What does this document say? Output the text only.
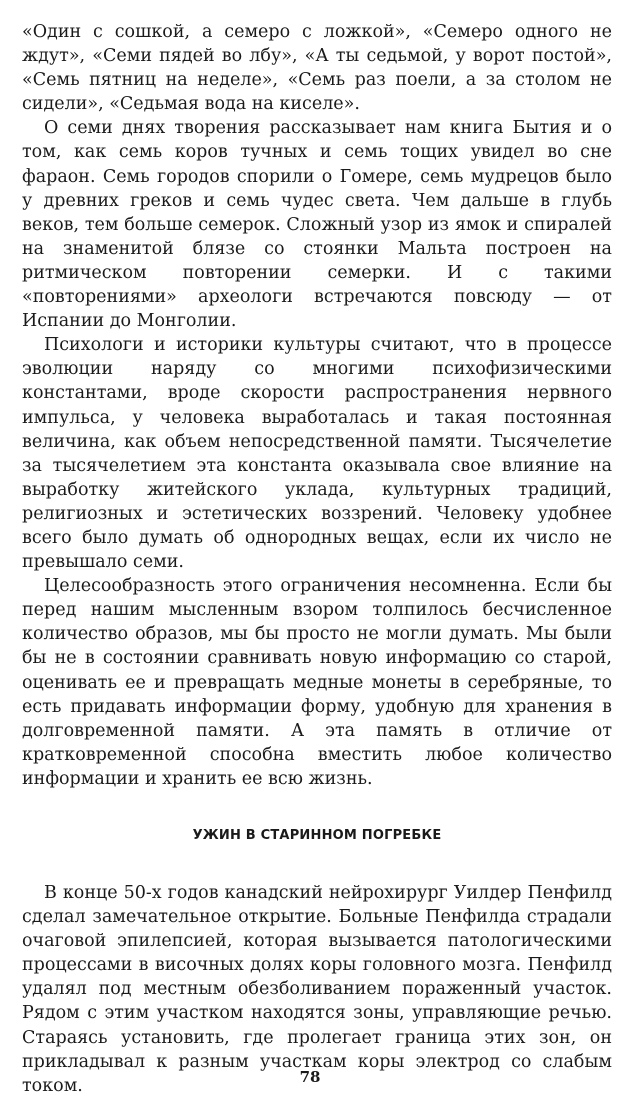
«Один с сошкой, а семеро с ложкой», «Семеро одного не ждут», «Семи пядей во лбу», «А ты седьмой, у ворот постой», «Семь пятниц на неделе», «Семь раз поели, а за столом не сидели», «Седьмая вода на киселе».

О семи днях творения рассказывает нам книга Бытия и о том, как семь коров тучных и семь тощих увидел во сне фараон. Семь городов спорили о Гомере, семь мудрецов было у древних греков и семь чудес света. Чем дальше в глубь веков, тем больше семерок. Сложный узор из ямок и спиралей на знаменитой блязе со стоянки Мальта построен на ритмическом повторении семерки. И с такими «повторениями» археологи встречаются повсюду — от Испании до Монголии.

Психологи и историки культуры считают, что в процессе эволюции наряду со многими психофизическими константами, вроде скорости распространения нервного импульса, у человека выработалась и такая постоянная величина, как объем непосредственной памяти. Тысячелетие за тысячелетием эта константа оказывала свое влияние на выработку житейского уклада, культурных традиций, религиозных и эстетических воззрений. Человеку удобнее всего было думать об однородных вещах, если их число не превышало семи.

Целесообразность этого ограничения несомненна. Если бы перед нашим мысленным взором толпилось бесчисленное количество образов, мы бы просто не могли думать. Мы были бы не в состоянии сравнивать новую информацию со старой, оценивать ее и превращать медные монеты в серебряные, то есть придавать информации форму, удобную для хранения в долговременной памяти. А эта память в отличие от кратковременной способна вместить любое количество информации и хранить ее всю жизнь.

УЖИН В СТАРИННОМ ПОГРЕБКЕ

В конце 50-х годов канадский нейрохирург Уилдер Пенфилд сделал замечательное открытие. Больные Пенфилда страдали очаговой эпилепсией, которая вызывается патологическими процессами в височных долях коры головного мозга. Пенфилд удалял под местным обезболиванием пораженный участок. Рядом с этим участком находятся зоны, управляющие речью. Стараясь установить, где пролегает граница этих зон, он прикладывал к разным участкам коры электрод со слабым током.	78
